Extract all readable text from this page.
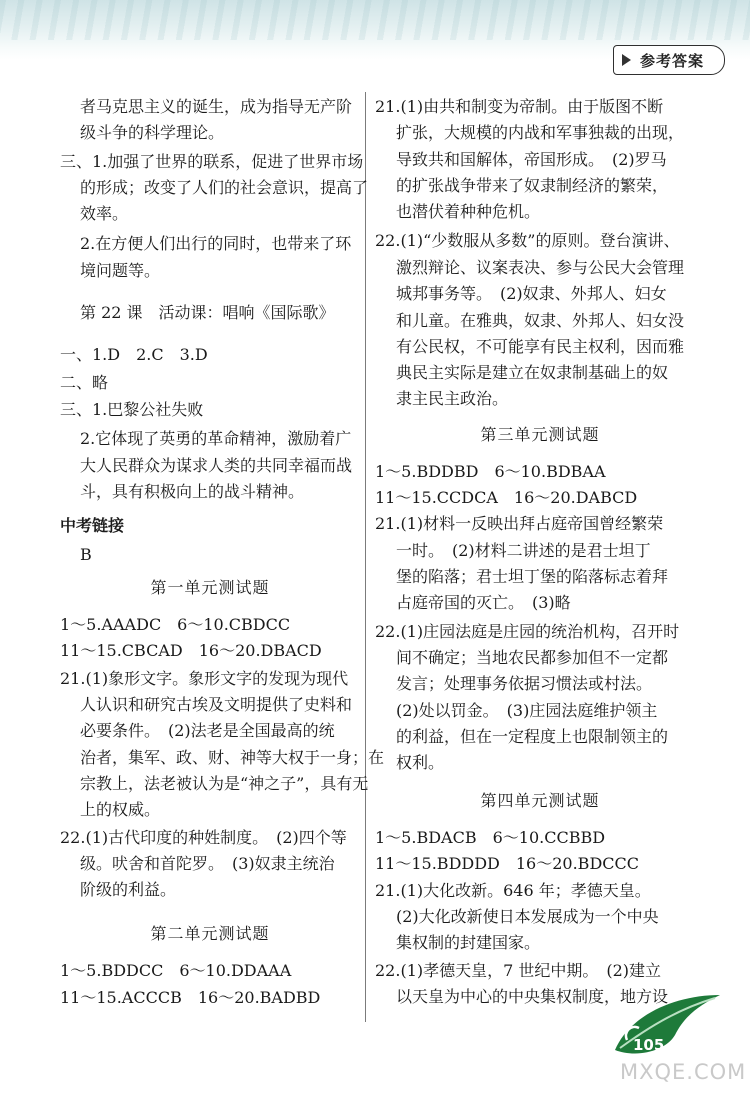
参考答案
者马克思主义的诞生，成为指导无产阶
级斗争的科学理论。
三、1.加强了世界的联系，促进了世界市场
的形成；改变了人们的社会意识，提高了
效率。
2.在方便人们出行的同时，也带来了环
境问题等。
第 22 课　活动课：唱响《国际歌》
一、1.D　2.C　3.D
二、略
三、1.巴黎公社失败
2.它体现了英勇的革命精神，激励着广
大人民群众为谋求人类的共同幸福而战
斗，具有积极向上的战斗精神。
中考链接
B
第一单元测试题
1～5.AAADC　6～10.CBDCC
11～15.CBCAD　16～20.DBACD
21.(1)象形文字。象形文字的发现为现代
人认识和研究古埃及文明提供了史料和
必要条件。　(2)法老是全国最高的统
治者，集军、政、财、神等大权于一身；在
宗教上，法老被认为是“神之子”，具有无
上的权威。
22.(1)古代印度的种姓制度。　(2)四个等
级。吠舍和首陀罗。　(3)奴隶主统治
阶级的利益。
第二单元测试题
1～5.BDDCC　6～10.DDAAA
11～15.ACCCB　16～20.BADBD
21.(1)由共和制变为帝制。由于版图不断
扩张，大规模的内战和军事独裁的出现，
导致共和国解体，帝国形成。　(2)罗马
的扩张战争带来了奴隶制经济的繁荣，
也潜伏着种种危机。
22.(1)“少数服从多数”的原则。登台演讲、
激烈辩论、议案表决、参与公民大会管理
城邦事务等。　(2)奴隶、外邦人、妇女
和儿童。在雅典，奴隶、外邦人、妇女没
有公民权，不可能享有民主权利，因而雅
典民主实际是建立在奴隶制基础上的奴
隶主民主政治。
第三单元测试题
1～5.BDDBD　6～10.BDBAA
11～15.CCDCA　16～20.DABCD
21.(1)材料一反映出拜占庭帝国曾经繁荣
一时。　(2)材料二讲述的是君士坦丁
堡的陷落；君士坦丁堡的陷落标志着拜
占庭帝国的灭亡。　(3)略
22.(1)庄园法庭是庄园的统治机构，召开时
间不确定；当地农民都参加但不一定都
发言；处理事务依据习惯法或村法。
(2)处以罚金。　(3)庄园法庭维护领主
的利益，但在一定程度上也限制领主的
权利。
第四单元测试题
1～5.BDACB　6～10.CCBBD
11～15.BDDDD　16～20.BDCCC
21.(1)大化改新。646 年；孝德天皇。
(2)大化改新使日本发展成为一个中央
集权制的封建国家。
22.(1)孝德天皇，7 世纪中期。　(2)建立
以天皇为中心的中央集权制度，地方设
105
MXQE.COM
